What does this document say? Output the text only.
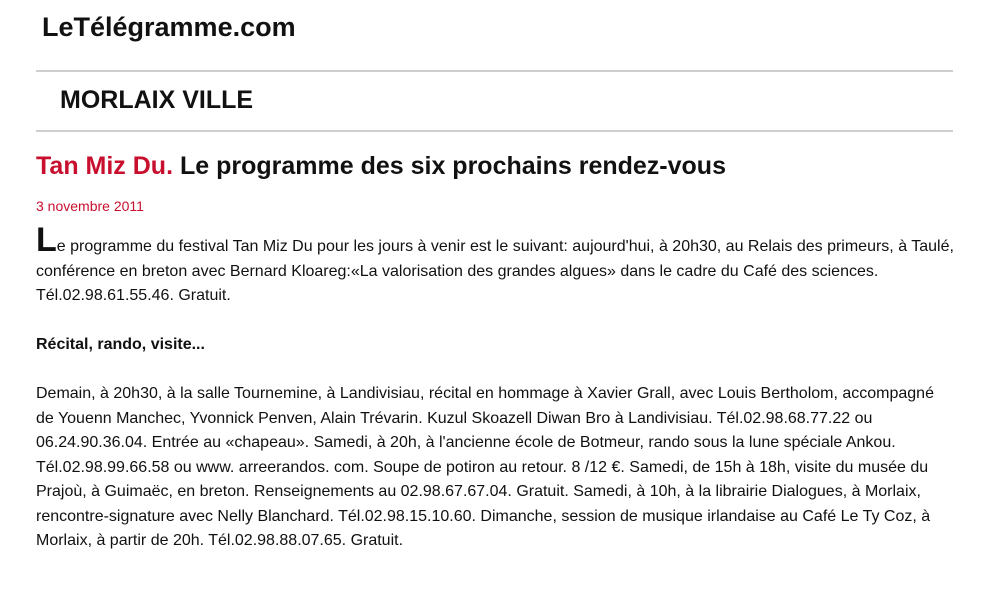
LeTélégramme.com
MORLAIX VILLE
Tan Miz Du. Le programme des six prochains rendez-vous
3 novembre 2011

Le programme du festival Tan Miz Du pour les jours à venir est le suivant: aujourd'hui, à 20h30, au Relais des primeurs, à Taulé, conférence en breton avec Bernard Kloareg:«La valorisation des grandes algues» dans le cadre du Café des sciences. Tél.02.98.61.55.46. Gratuit.

Récital, rando, visite...

Demain, à 20h30, à la salle Tournemine, à Landivisiau, récital en hommage à Xavier Grall, avec Louis Bertholom, accompagné de Youenn Manchec, Yvonnick Penven, Alain Trévarin. Kuzul Skoazell Diwan Bro à Landivisiau. Tél.02.98.68.77.22 ou 06.24.90.36.04. Entrée au «chapeau». Samedi, à 20h, à l'ancienne école de Botmeur, rando sous la lune spéciale Ankou. Tél.02.98.99.66.58 ou www. arreerandos. com. Soupe de potiron au retour. 8 /12 €. Samedi, de 15h à 18h, visite du musée du Prajoù, à Guimaëc, en breton. Renseignements au 02.98.67.67.04. Gratuit. Samedi, à 10h, à la librairie Dialogues, à Morlaix, rencontre-signature avec Nelly Blanchard. Tél.02.98.15.10.60. Dimanche, session de musique irlandaise au Café Le Ty Coz, à Morlaix, à partir de 20h. Tél.02.98.88.07.65. Gratuit.
